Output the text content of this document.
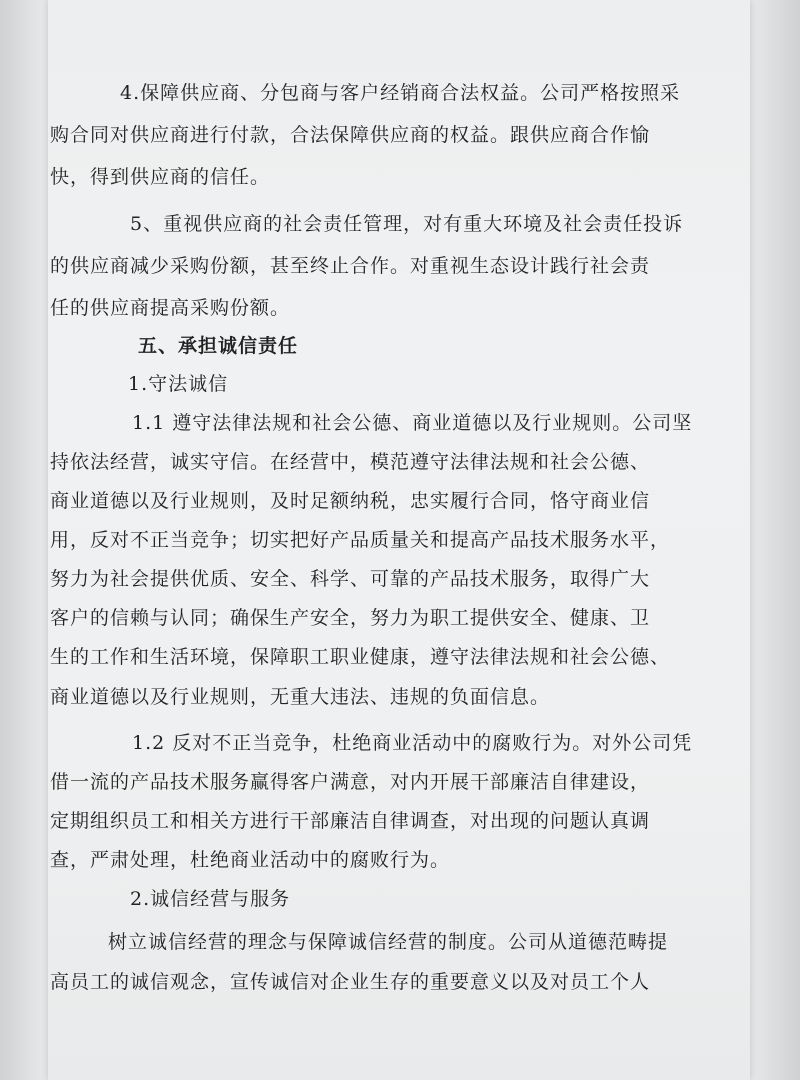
4.保障供应商、分包商与客户经销商合法权益。公司严格按照采
购合同对供应商进行付款，合法保障供应商的权益。跟供应商合作愉
快，得到供应商的信任。
5、重视供应商的社会责任管理，对有重大环境及社会责任投诉
的供应商减少采购份额，甚至终止合作。对重视生态设计践行社会责
任的供应商提高采购份额。
五、承担诚信责任
1.守法诚信
1.1 遵守法律法规和社会公德、商业道德以及行业规则。公司坚
持依法经营，诚实守信。在经营中，模范遵守法律法规和社会公德、
商业道德以及行业规则，及时足额纳税，忠实履行合同，恪守商业信
用，反对不正当竞争；切实把好产品质量关和提高产品技术服务水平，
努力为社会提供优质、安全、科学、可靠的产品技术服务，取得广大
客户的信赖与认同；确保生产安全，努力为职工提供安全、健康、卫
生的工作和生活环境，保障职工职业健康，遵守法律法规和社会公德、
商业道德以及行业规则，无重大违法、违规的负面信息。
1.2 反对不正当竞争，杜绝商业活动中的腐败行为。对外公司凭
借一流的产品技术服务赢得客户满意，对内开展干部廉洁自律建设，
定期组织员工和相关方进行干部廉洁自律调查，对出现的问题认真调
查，严肃处理，杜绝商业活动中的腐败行为。
2.诚信经营与服务
树立诚信经营的理念与保障诚信经营的制度。公司从道德范畴提
高员工的诚信观念，宣传诚信对企业生存的重要意义以及对员工个人
